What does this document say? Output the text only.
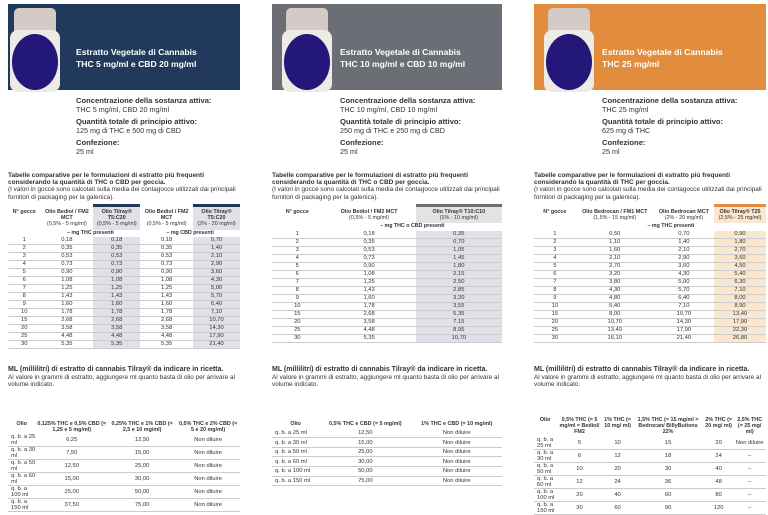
Estratto Vegetale di Cannabis
THC 5 mg/ml e CBD 20 mg/ml
Concentrazione della sostanza attiva:
THC 5 mg/ml, CBD 20 mg/ml
Quantità totale di principio attivo:
125 mg di THC e 500 mg di CBD
Confezione:
25 ml
Tabelle comparative per le formulazioni di estratto più frequenti considerando la quantità di THC o CBD per goccia.
(I valori in gocce sono calcolati sulla media dei contagocce utilizzati dai principali fornitori di packaging per la galenica).

N° gocce	Olio Bediol / FM2 MCT
(0,5% - 5 mg/ml)	Olio Tilray® T5:C20
(0,5% - 5 mg/ml)	Olio Bediol / FM2 MCT
(0,5% - 5 mg/ml)	Olio Tilray® T5:C20
(2% - 20 mg/ml)

	– mg THC presenti		– mg CBD presenti	
1	0,18	0,18	0,18	0,70
2	0,35	0,35	0,35	1,40
3	0,53	0,53	0,53	2,10
4	0,73	0,73	0,73	2,90
5	0,90	0,90	0,90	3,60
6	1,08	1,08	1,08	4,30
7	1,25	1,25	1,25	5,00
8	1,43	1,43	1,43	5,70
9	1,60	1,60	1,60	6,40
10	1,78	1,78	1,78	7,10
15	2,68	2,68	2,68	10,70
20	3,58	3,58	3,58	14,30
25	4,48	4,48	4,48	17,90
30	5,35	5,35	5,35	21,40
ML (millilitri) di estratto di cannabis Tilray® da indicare in ricetta.
Al valore in grammi di estratto, aggiungere ml quanto basta di olio per arrivare al volume indicato.
Olio	0,125% THC e 0,5% CBD (= 1,25 e 5 mg/ml)	0,25% THC e 1% CBD (= 2,5 e 10 mg/ml)	0,5% THC e 2% CBD (= 5 e 20 mg/ml)
q. b. a 25 ml	6,25	12,50	Non diluire
q. b. a 30 ml	7,50	15,00	Non diluire
q. b. a 50 ml	12,50	25,00	Non diluire
q. b. a 60 ml	15,00	30,00	Non diluire
q. b. a 100 ml	25,00	50,00	Non diluire
q. b. a 150 ml	37,50	75,00	Non diluire
Estratto Vegetale di Cannabis
THC 10 mg/ml e CBD 10 mg/ml
Concentrazione della sostanza attiva:
THC 10 mg/ml, CBD 10 mg/ml
Quantità totale di principio attivo:
250 mg di THC e 250 mg di CBD
Confezione:
25 ml
Tabelle comparative per le formulazioni di estratto più frequenti considerando la quantità di THC o CBD per goccia.
(I valori in gocce sono calcolati sulla media dei contagocce utilizzati dai principali fornitori di packaging per la galenica).

N° gocce	Olio Bediol / FM2 MCT
(0,5% - 5 mg/ml)	Olio Tilray® T10:C10
(1% - 10 mg/ml)

	– mg THC o CBD presenti	
1	0,18	0,35
2	0,35	0,70
3	0,53	1,05
4	0,73	1,45
5	0,90	1,80
6	1,08	2,15
7	1,25	2,50
8	1,43	2,85
9	1,60	3,20
10	1,78	3,55
15	2,68	5,35
20	3,58	7,15
25	4,48	8,95
30	5,35	10,70
ML (millilitri) di estratto di cannabis Tilray® da indicare in ricetta.
Al valore in grammi di estratto, aggiungere ml quanto basta di olio per arrivare al volume indicato.
Olio	0,5% THC e CBD (= 5 mg/ml)	1% THC e CBD (= 10 mg/ml)
q. b. a 25 ml	12,50	Non diluire
q. b. a 30 ml	15,00	Non diluire
q. b. a 50 ml	25,00	Non diluire
q. b. a 60 ml	30,00	Non diluire
q. b. a 100 ml	50,00	Non diluire
q. b. a 150 ml	75,00	Non diluire
Estratto Vegetale di Cannabis
THC 25 mg/ml
Concentrazione della sostanza attiva:
THC 25 mg/ml
Quantità totale di principio attivo:
625 mg di THC
Confezione:
25 ml
Tabelle comparative per le formulazioni di estratto più frequenti considerando la quantità di THC per goccia.
(I valori in gocce sono calcolati sulla media dei contagocce utilizzati dai principali fornitori di packaging per la galenica).

N° gocce	Olio Bedrocan / FM1 MCT
(1,5% - 15 mg/ml)	Olio Bedrocan MCT
(2% - 20 mg/ml)	Olio Tilray® T25
(2,5% - 25 mg/ml)

	– mg THC presenti		
1	0,50	0,70	0,90
2	1,10	1,40	1,80
3	1,60	2,10	2,70
4	2,10	2,90	3,60
5	2,70	3,60	4,50
6	3,20	4,30	5,40
7	3,80	5,00	6,30
8	4,30	5,70	7,10
9	4,80	6,40	8,00
10	5,40	7,10	8,90
15	8,00	10,70	13,40
20	10,70	14,30	17,90
25	13,40	17,90	22,30
30	16,10	21,40	26,80
ML (millilitri) di estratto di cannabis Tilray® da indicare in ricetta.
Al valore in grammi di estratto, aggiungere ml quanto basta di olio per arrivare al volume indicato.
Olio	0,5% THC (= 5 mg/ml = Bediol/ FM2	1% THC (= 10 mg/ ml)	1,5% THC (= 15 mg/ml = Bedrocan/ BillyBuitons 22%	2% THC (= 20 mg/ ml)	2,5% THC (= 25 mg/ ml)
q. b. a 25 ml	5	10	15	20	Non diluire
q. b. a 30 ml	6	12	18	24	–
q. b. a 50 ml	10	20	30	40	–
q. b. a 60 ml	12	24	36	48	–
q. b. a 100 ml	20	40	60	80	–
q. b. a 150 ml	30	60	90	120	–
